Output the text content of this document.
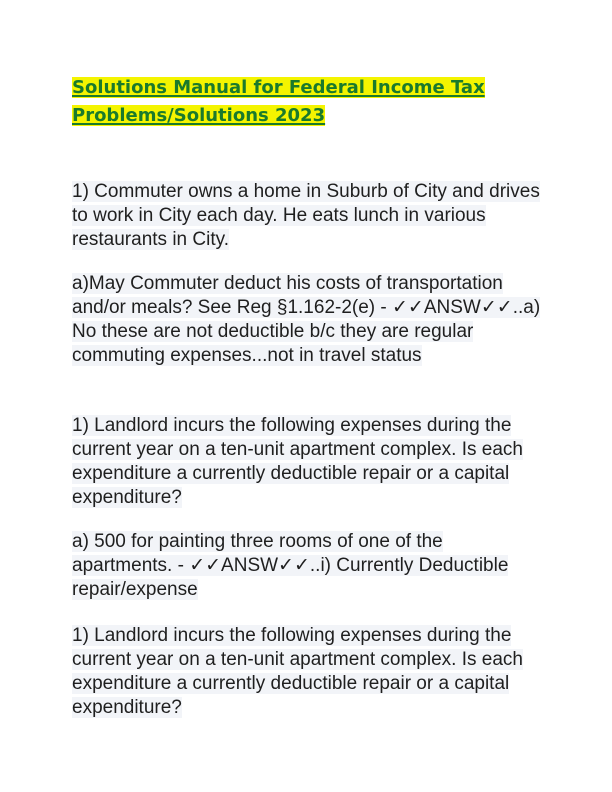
Solutions Manual for Federal Income Tax Problems/Solutions 2023

1) Commuter owns a home in Suburb of City and drives to work in City each day. He eats lunch in various restaurants in City.

a)May Commuter deduct his costs of transportation and/or meals? See Reg §1.162-2(e) - ✓✓ANSW✓✓..a) No these are not deductible b/c they are regular commuting expenses...not in travel status

1) Landlord incurs the following expenses during the current year on a ten-unit apartment complex. Is each expenditure a currently deductible repair or a capital expenditure?

a) 500 for painting three rooms of one of the apartments. - ✓✓ANSW✓✓..i) Currently Deductible repair/expense

1) Landlord incurs the following expenses during the current year on a ten-unit apartment complex. Is each expenditure a currently deductible repair or a capital expenditure?
